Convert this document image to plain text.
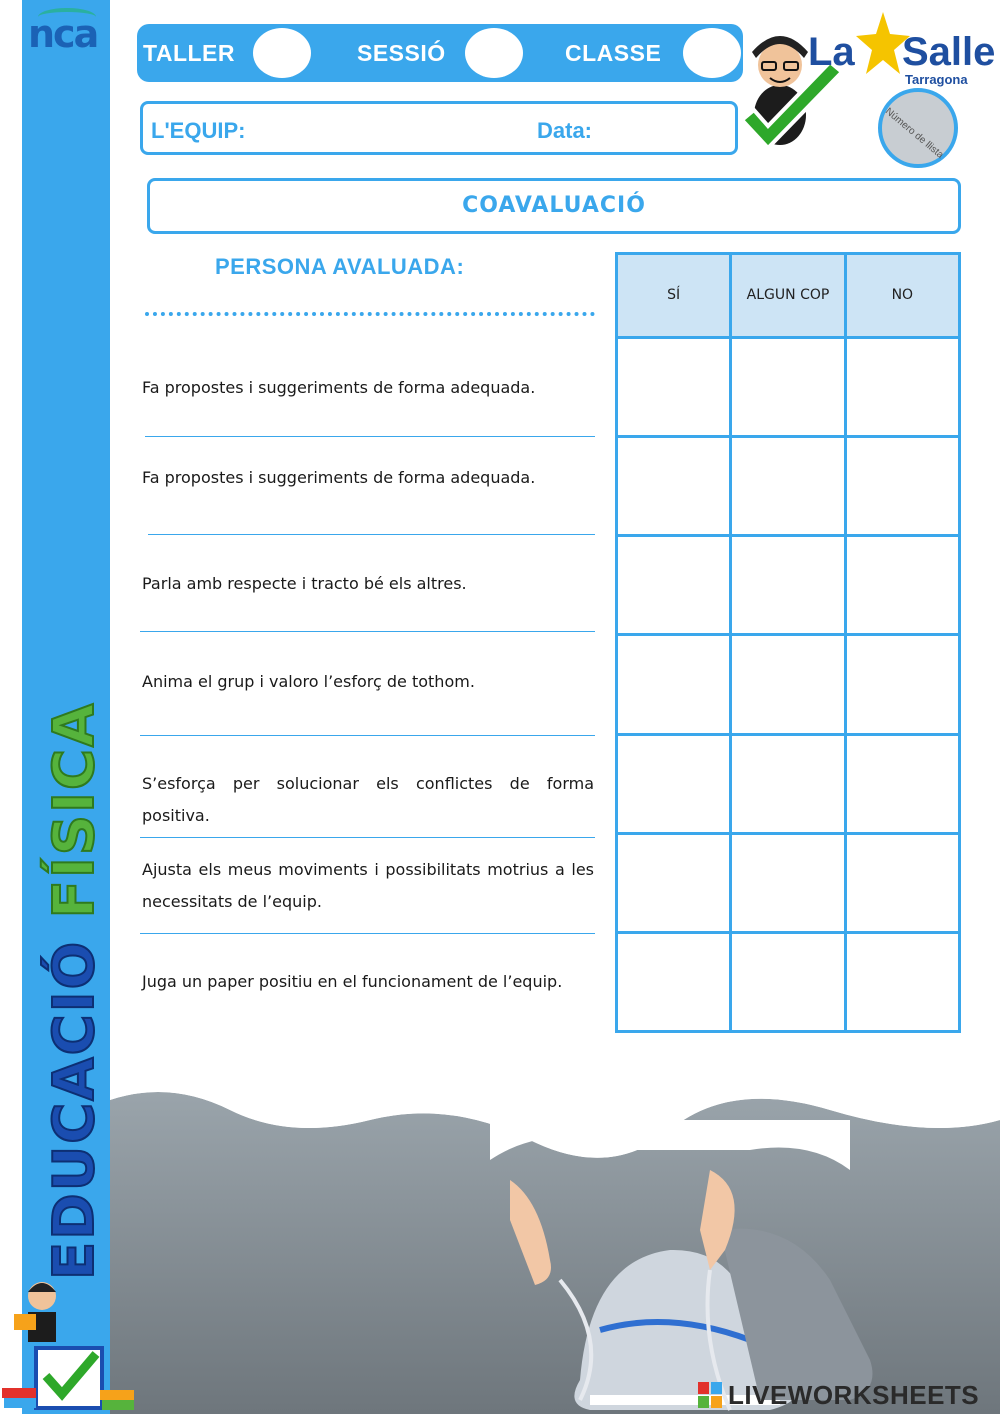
nca
EDUCACIÓ FÍSICA
TALLER	SESSIÓ	CLASSE
L'EQUIP:	Data:
La Salle
Tarragona
Número de llista
COAVALUACIÓ
PERSONA AVALUADA:
Fa propostes i suggeriments de forma adequada.
Fa propostes i suggeriments de forma adequada.
Parla amb respecte i tracto bé els altres.
Anima el grup i valoro l’esforç de tothom.
S’esforça per solucionar els conflictes de forma positiva.
Ajusta els meus moviments i possibilitats motrius a les necessitats de l’equip.
Juga un paper positiu en el funcionament de l’equip.
SÍ	ALGUN COP	NO

LIVEWORKSHEETS
